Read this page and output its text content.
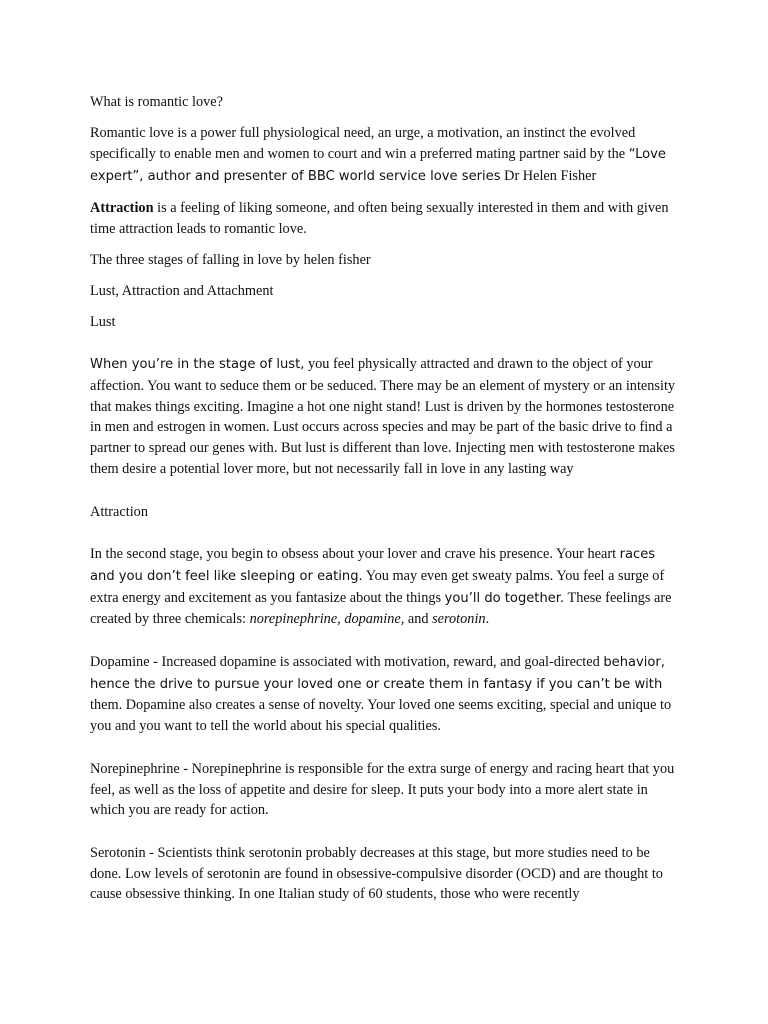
What is romantic love?

Romantic love is a power full physiological need, an urge, a motivation, an instinct the evolved specifically to enable men and women to court and win a preferred mating partner said by the “Love expert”, author and presenter of BBC world service love series Dr Helen Fisher

Attraction is a feeling of liking someone, and often being sexually interested in them and with given time attraction leads to romantic love.

The three stages of falling in love by helen fisher

Lust, Attraction and Attachment

Lust

When you’re in the stage of lust, you feel physically attracted and drawn to the object of your affection. You want to seduce them or be seduced. There may be an element of mystery or an intensity that makes things exciting. Imagine a hot one night stand! Lust is driven by the hormones testosterone in men and estrogen in women. Lust occurs across species and may be part of the basic drive to find a partner to spread our genes with. But lust is different than love. Injecting men with testosterone makes them desire a potential lover more, but not necessarily fall in love in any lasting way

Attraction

In the second stage, you begin to obsess about your lover and crave his presence. Your heart races and you don’t feel like sleeping or eating. You may even get sweaty palms. You feel a surge of extra energy and excitement as you fantasize about the things you’ll do together. These feelings are created by three chemicals: norepinephrine, dopamine, and serotonin.

Dopamine - Increased dopamine is associated with motivation, reward, and goal-directed behavior, hence the drive to pursue your loved one or create them in fantasy if you can’t be with them. Dopamine also creates a sense of novelty. Your loved one seems exciting, special and unique to you and you want to tell the world about his special qualities.

Norepinephrine - Norepinephrine is responsible for the extra surge of energy and racing heart that you feel, as well as the loss of appetite and desire for sleep. It puts your body into a more alert state in which you are ready for action.

Serotonin - Scientists think serotonin probably decreases at this stage, but more studies need to be done. Low levels of serotonin are found in obsessive-compulsive disorder (OCD) and are thought to cause obsessive thinking. In one Italian study of 60 students, those who were recently
